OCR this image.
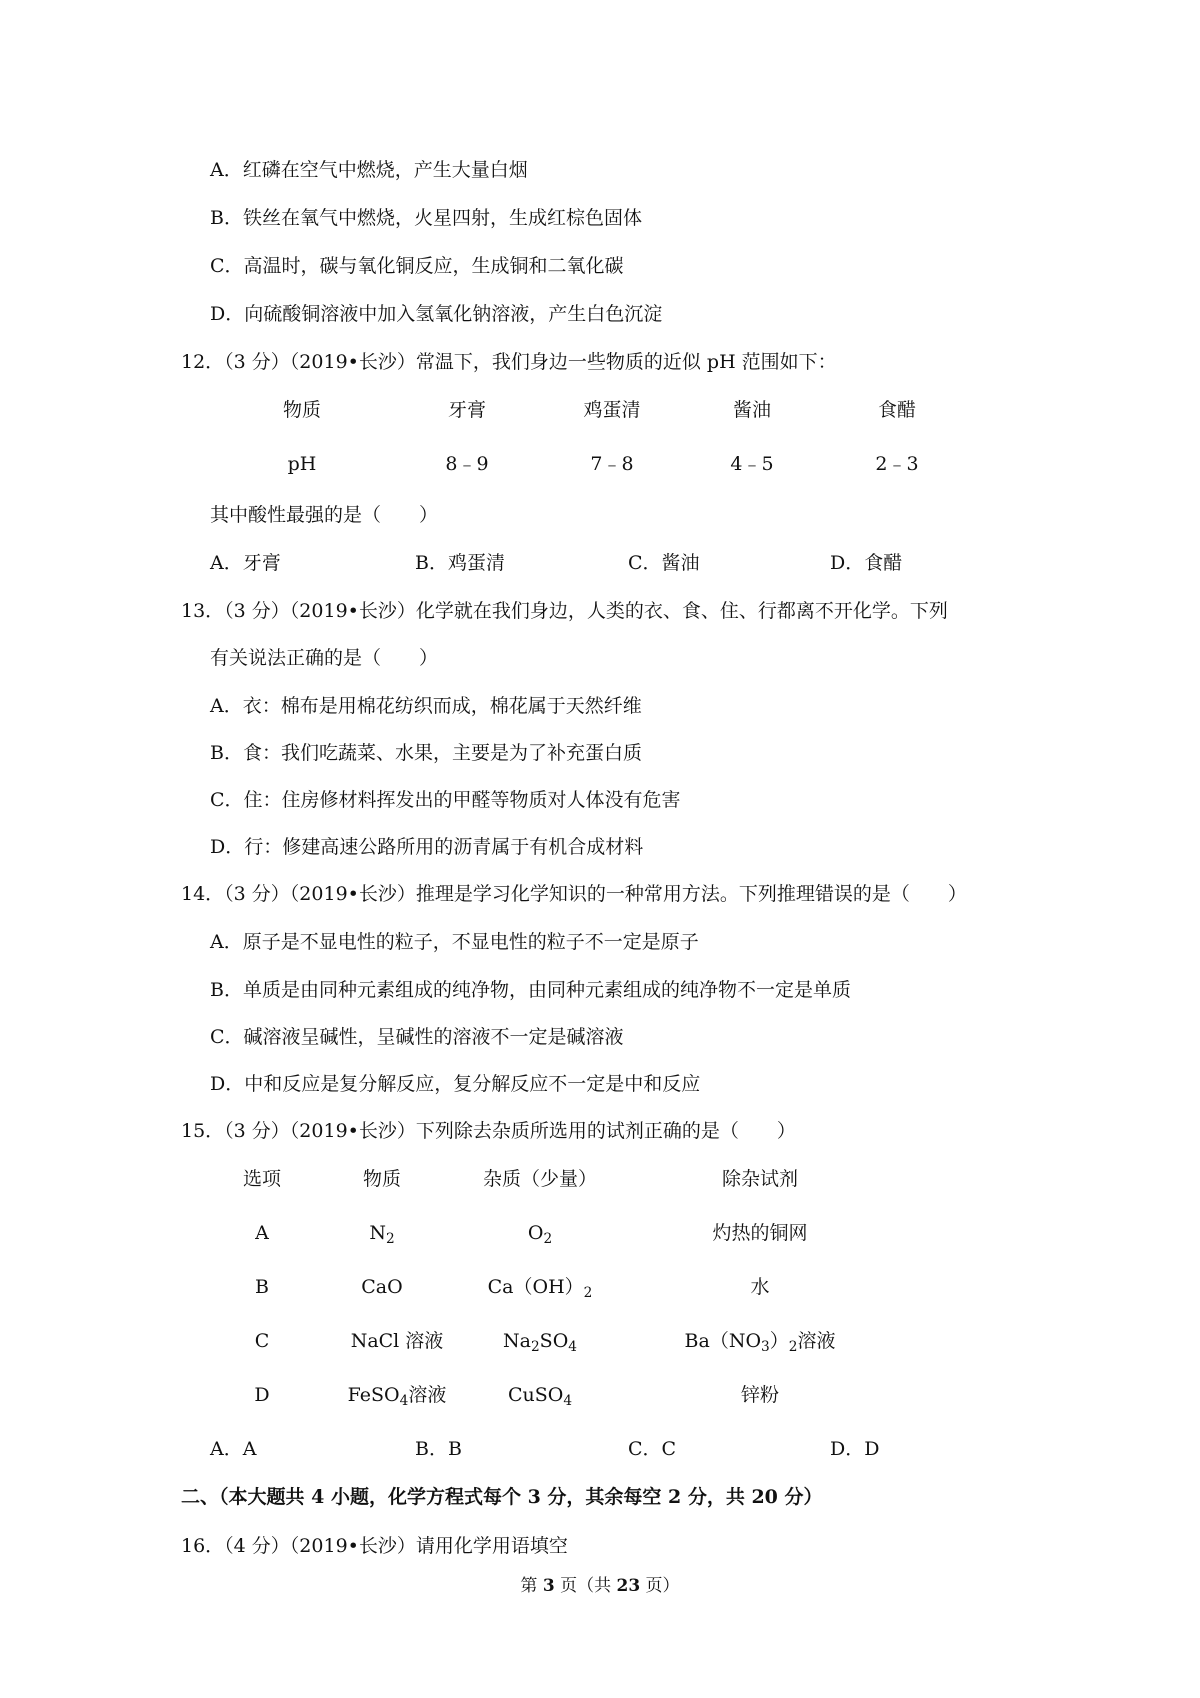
A．红磷在空气中燃烧，产生大量白烟
B．铁丝在氧气中燃烧，火星四射，生成红棕色固体
C．高温时，碳与氧化铜反应，生成铜和二氧化碳
D．向硫酸铜溶液中加入氢氧化钠溶液，产生白色沉淀
12．（3 分）（2019•长沙）常温下，我们身边一些物质的近似 pH 范围如下：
物质	牙膏	鸡蛋清	酱油	食醋
pH	8﹣9	7﹣8	4﹣5	2﹣3
其中酸性最强的是（　　）
A．牙膏	B．鸡蛋清	C．酱油	D．食醋
13．（3 分）（2019•长沙）化学就在我们身边，人类的衣、食、住、行都离不开化学。下列
有关说法正确的是（　　）
A．衣：棉布是用棉花纺织而成，棉花属于天然纤维
B．食：我们吃蔬菜、水果，主要是为了补充蛋白质
C．住：住房修材料挥发出的甲醛等物质对人体没有危害
D．行：修建高速公路所用的沥青属于有机合成材料
14．（3 分）（2019•长沙）推理是学习化学知识的一种常用方法。下列推理错误的是（　　）
A．原子是不显电性的粒子，不显电性的粒子不一定是原子
B．单质是由同种元素组成的纯净物，由同种元素组成的纯净物不一定是单质
C．碱溶液呈碱性，呈碱性的溶液不一定是碱溶液
D．中和反应是复分解反应，复分解反应不一定是中和反应
15．（3 分）（2019•长沙）下列除去杂质所选用的试剂正确的是（　　）
选项	物质	杂质（少量）	除杂试剂
A	$N_2$	$O_2$	灼热的铜网
B	CaO	$Ca(OH)_2$	水
C	NaCl 溶液	$Na_2SO_4$	$Ba(NO_3)_2$溶液
D	FeSO$_4$溶液	CuSO$_4$	锌粉
A．A	B．B	C．C	D．D
二、（本大题共 4 小题，化学方程式每个 3 分，其余每空 2 分，共 20 分）
16．（4 分）（2019•长沙）请用化学用语填空
第 3 页（共 23 页）
